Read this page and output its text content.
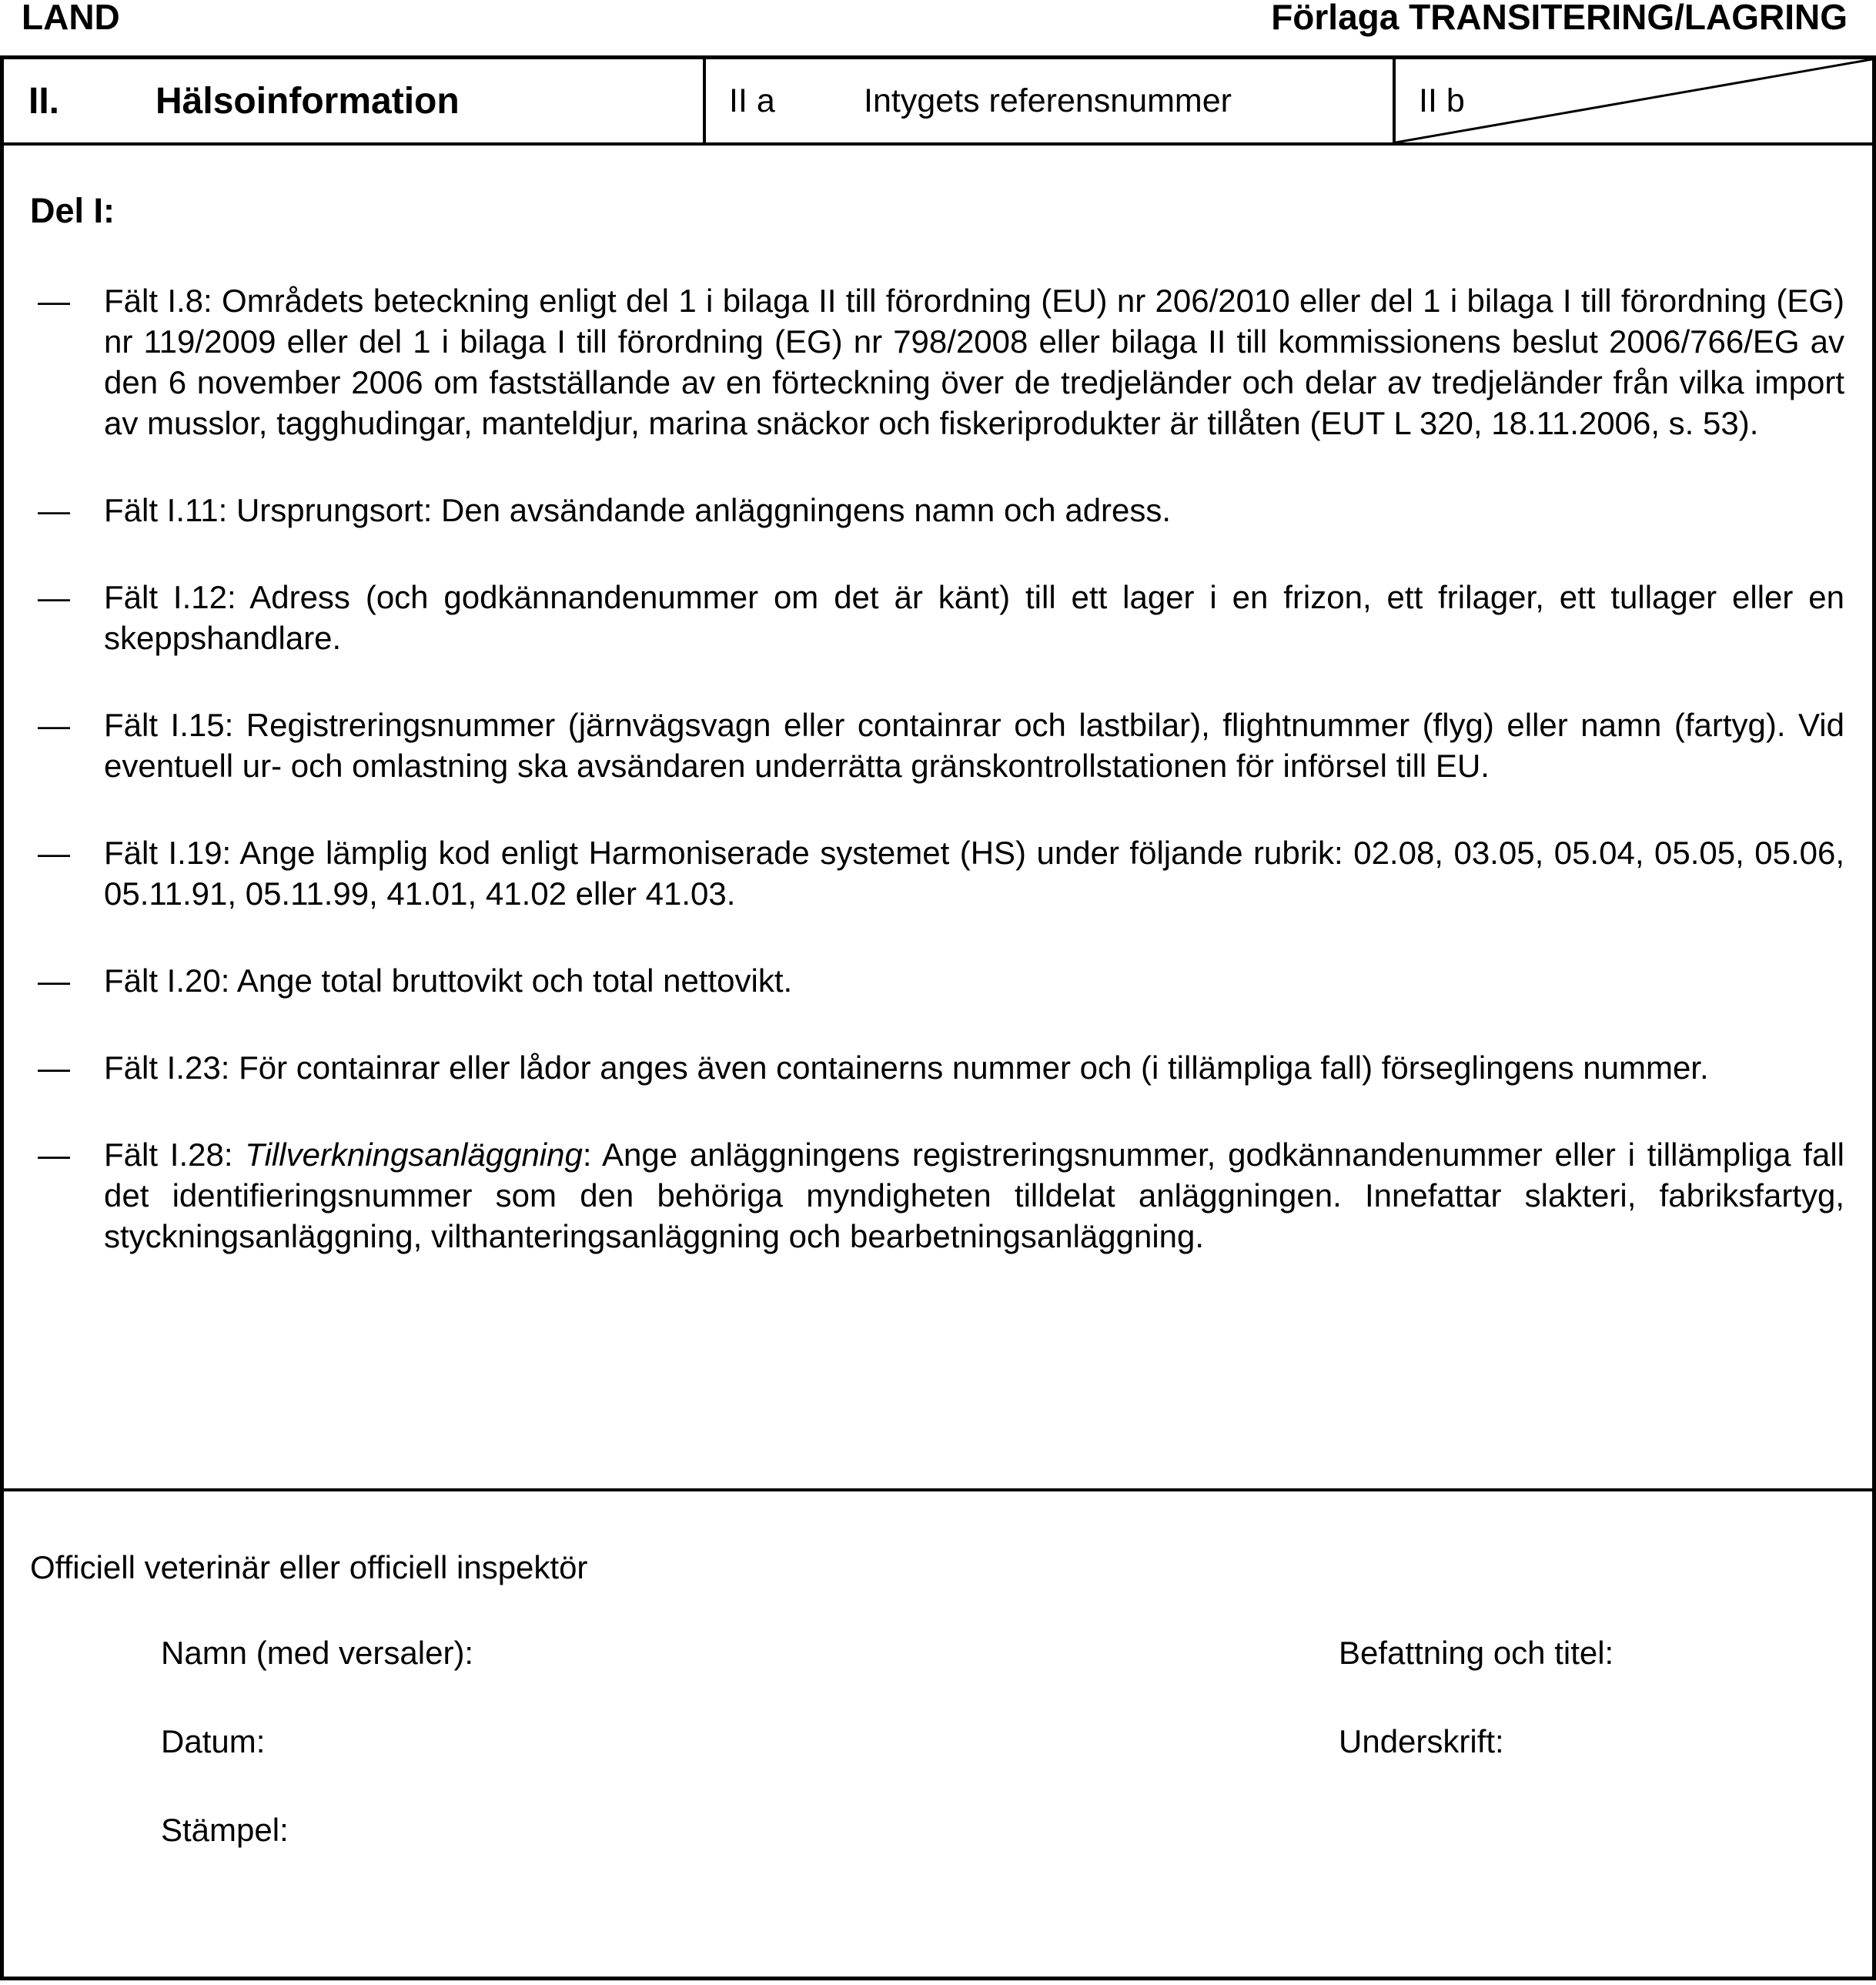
LAND	Förlaga TRANSITERING/LAGRING
II.	Hälsoinformation	II a	Intygets referensnummer	II b

Del I:

— Fält I.8: Områdets beteckning enligt del 1 i bilaga II till förordning (EU) nr 206/2010 eller del 1 i bilaga I till förordning (EG) nr 119/2009 eller del 1 i bilaga I till förordning (EG) nr 798/2008 eller bilaga II till kommissionens beslut 2006/766/EG av den 6 november 2006 om fastställande av en förteckning över de tredjeländer och delar av tredjeländer från vilka import av musslor, tagghudingar, manteldjur, marina snäckor och fiskeriprodukter är tillåten (EUT L 320, 18.11.2006, s. 53).
— Fält I.11: Ursprungsort: Den avsändande anläggningens namn och adress.
— Fält I.12: Adress (och godkännandenummer om det är känt) till ett lager i en frizon, ett frilager, ett tullager eller en skeppshandlare.
— Fält I.15: Registreringsnummer (järnvägsvagn eller containrar och lastbilar), flightnummer (flyg) eller namn (fartyg). Vid eventuell ur- och omlastning ska avsändaren underrätta gränskontrollstationen för införsel till EU.
— Fält I.19: Ange lämplig kod enligt Harmoniserade systemet (HS) under följande rubrik: 02.08, 03.05, 05.04, 05.05, 05.06, 05.11.91, 05.11.99, 41.01, 41.02 eller 41.03.
— Fält I.20: Ange total bruttovikt och total nettovikt.
— Fält I.23: För containrar eller lådor anges även containerns nummer och (i tillämpliga fall) förseglingens nummer.
— Fält I.28: Tillverkningsanläggning: Ange anläggningens registreringsnummer, godkännandenummer eller i tillämpliga fall det identifieringsnummer som den behöriga myndigheten tilldelat anläggningen. Innefattar slakteri, fabriksfartyg, styckningsanläggning, vilthanteringsanläggning och bearbetningsanläggning.

Officiell veterinär eller officiell inspektör

Namn (med versaler):	Befattning och titel:
Datum:	Underskrift:
Stämpel:
